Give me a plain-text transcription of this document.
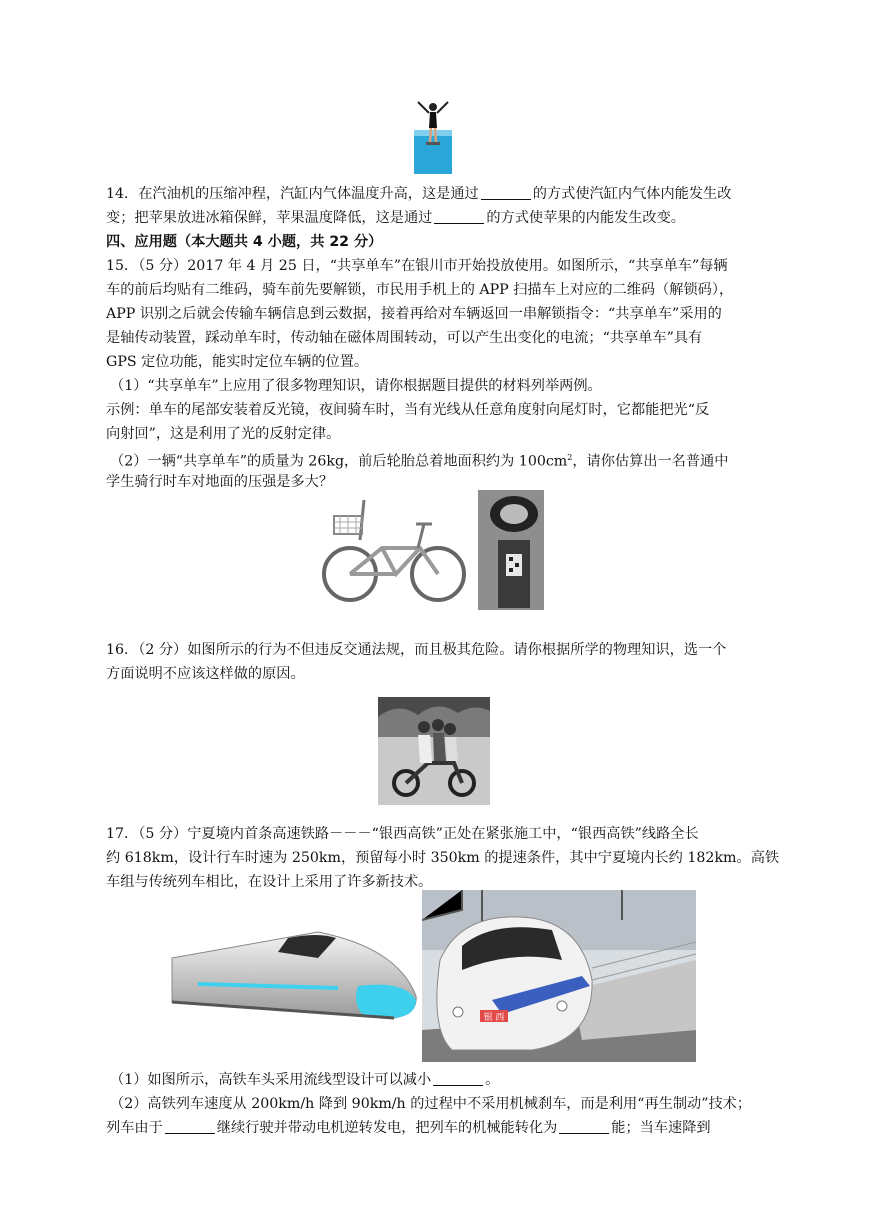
14．在汽油机的压缩冲程，汽缸内气体温度升高，这是通过	的方式使汽缸内气体内能发生改
变；把苹果放进冰箱保鲜，苹果温度降低，这是通过	的方式使苹果的内能发生改变。
四、应用题（本大题共 4 小题，共 22 分）
15．（5 分）2017 年 4 月 25 日，“共享单车”在银川市开始投放使用。如图所示，“共享单车”每辆
车的前后均贴有二维码，骑车前先要解锁，市民用手机上的 APP 扫描车上对应的二维码（解锁码），
APP 识别之后就会传输车辆信息到云数据，接着再给对车辆返回一串解锁指令：“共享单车”采用的
是轴传动装置，踩动单车时，传动轴在磁体周围转动，可以产生出变化的电流；“共享单车”具有
GPS 定位功能，能实时定位车辆的位置。
（1）“共享单车”上应用了很多物理知识，请你根据题目提供的材料列举两例。
示例：单车的尾部安装着反光镜，夜间骑车时，当有光线从任意角度射向尾灯时，它都能把光“反
向射回”，这是利用了光的反射定律。
（2）一辆“共享单车”的质量为 26kg，前后轮胎总着地面积约为 $100cm^2$，请你估算出一名普通中
学生骑行时车对地面的压强是多大？
16．（2 分）如图所示的行为不但违反交通法规，而且极其危险。请你根据所学的物理知识，选一个
方面说明不应该这样做的原因。
17．（5 分）宁夏境内首条高速铁路－－－“银西高铁”正处在紧张施工中，“银西高铁”线路全长
约 618km，设计行车时速为 250km，预留每小时 350km 的提速条件，其中宁夏境内长约 182km。高铁
车组与传统列车相比，在设计上采用了许多新技术。
银 西
（1）如图所示，高铁车头采用流线型设计可以减小	。
（2）高铁列车速度从 200km/h 降到 90km/h 的过程中不采用机械刹车，而是利用“再生制动”技术；
列车由于	继续行驶并带动电机逆转发电，把列车的机械能转化为	能；当车速降到
